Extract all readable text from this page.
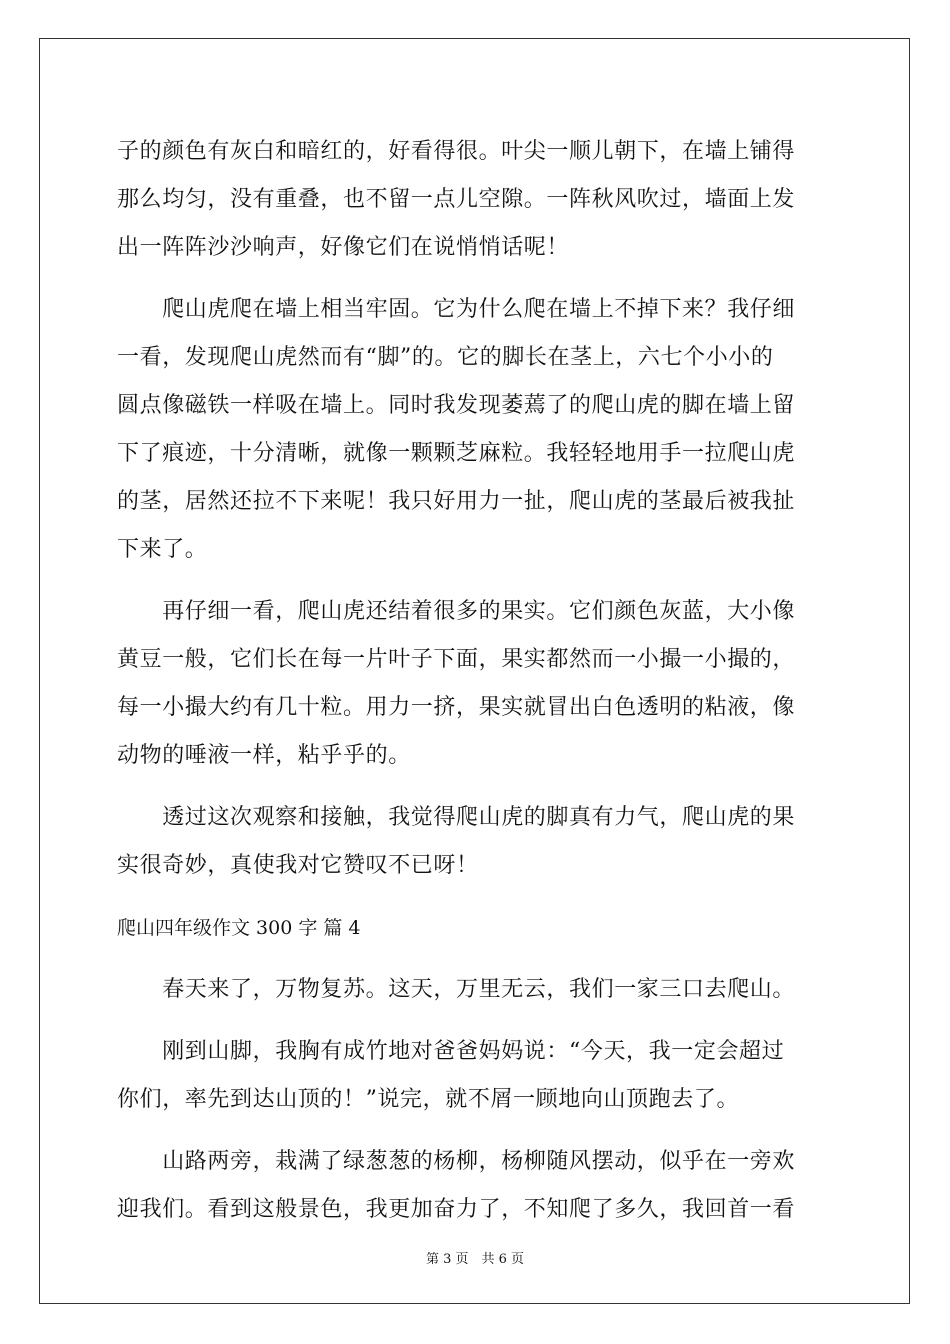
子的颜色有灰白和暗红的，好看得很。叶尖一顺儿朝下，在墙上铺得
那么均匀，没有重叠，也不留一点儿空隙。一阵秋风吹过，墙面上发
出一阵阵沙沙响声，好像它们在说悄悄话呢！
　　爬山虎爬在墙上相当牢固。它为什么爬在墙上不掉下来？我仔细
一看，发现爬山虎然而有“脚”的。它的脚长在茎上，六七个小小的
圆点像磁铁一样吸在墙上。同时我发现萎蔫了的爬山虎的脚在墙上留
下了痕迹，十分清晰，就像一颗颗芝麻粒。我轻轻地用手一拉爬山虎
的茎，居然还拉不下来呢！我只好用力一扯，爬山虎的茎最后被我扯
下来了。
　　再仔细一看，爬山虎还结着很多的果实。它们颜色灰蓝，大小像
黄豆一般，它们长在每一片叶子下面，果实都然而一小撮一小撮的，
每一小撮大约有几十粒。用力一挤，果实就冒出白色透明的粘液，像
动物的唾液一样，粘乎乎的。
　　透过这次观察和接触，我觉得爬山虎的脚真有力气，爬山虎的果
实很奇妙，真使我对它赞叹不已呀！
爬山四年级作文 300 字 篇 4
　　春天来了，万物复苏。这天，万里无云，我们一家三口去爬山。
　　刚到山脚，我胸有成竹地对爸爸妈妈说：“今天，我一定会超过
你们，率先到达山顶的！”说完，就不屑一顾地向山顶跑去了。
　　山路两旁，栽满了绿葱葱的杨柳，杨柳随风摆动，似乎在一旁欢
迎我们。看到这般景色，我更加奋力了，不知爬了多久，我回首一看
第 3 页　共 6 页
